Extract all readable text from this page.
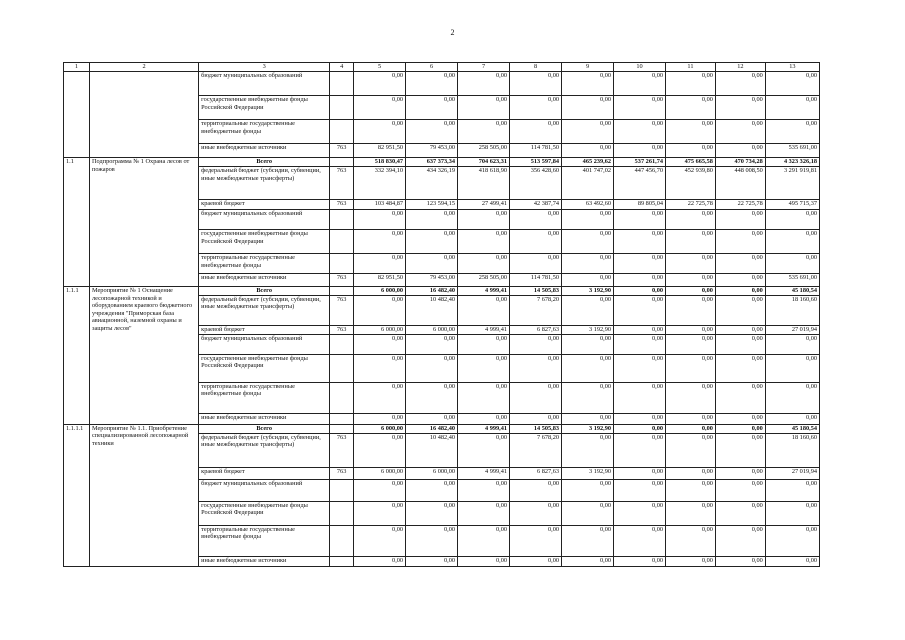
2
1	2	3	4	5	6	7	8	9	10	11	12	13
		бюджет муниципальных образований		0,00	0,00	0,00	0,00	0,00	0,00	0,00	0,00	0,00
		государственные внебюджетные фонды Российской Федерации		0,00	0,00	0,00	0,00	0,00	0,00	0,00	0,00	0,00
		территориальные государственные внебюджетные фонды		0,00	0,00	0,00	0,00	0,00	0,00	0,00	0,00	0,00
		иные внебюджетные источники	763	82 951,50	79 453,00	258 505,00	114 781,50	0,00	0,00	0,00	0,00	535 691,00
1.1	Подпрограмма № 1 Охрана лесов от пожаров	Всего		518 830,47	637 373,34	704 623,31	513 597,84	465 239,62	537 261,74	475 665,58	470 734,28	4 323 326,18
		федеральный бюджет (субсидии, субвенции, иные межбюджетные трансферты)	763	332 394,10	434 326,19	418 618,90	356 428,60	401 747,02	447 456,70	452 939,80	448 008,50	3 291 919,81
		краевой бюджет	763	103 484,87	123 594,15	27 499,41	42 387,74	63 492,60	89 805,04	22 725,78	22 725,78	495 715,37
		бюджет муниципальных образований		0,00	0,00	0,00	0,00	0,00	0,00	0,00	0,00	0,00
		государственные внебюджетные фонды Российской Федерации		0,00	0,00	0,00	0,00	0,00	0,00	0,00	0,00	0,00
		территориальные государственные внебюджетные фонды		0,00	0,00	0,00	0,00	0,00	0,00	0,00	0,00	0,00
		иные внебюджетные источники	763	82 951,50	79 453,00	258 505,00	114 781,50	0,00	0,00	0,00	0,00	535 691,00
1.1.1	Мероприятие № 1 Оснащение лесопожарной техникой и оборудованием краевого бюджетного учреждения "Приморская база авиационной, наземной охраны и защиты лесов"	Всего		6 000,00	16 482,40	4 999,41	14 505,83	3 192,90	0,00	0,00	0,00	45 180,54
		федеральный бюджет (субсидии, субвенции, иные межбюджетные трансферты)	763	0,00	10 482,40	0,00	7 678,20	0,00	0,00	0,00	0,00	18 160,60
		краевой бюджет	763	6 000,00	6 000,00	4 999,41	6 827,63	3 192,90	0,00	0,00	0,00	27 019,94
		бюджет муниципальных образований		0,00	0,00	0,00	0,00	0,00	0,00	0,00	0,00	0,00
		государственные внебюджетные фонды Российской Федерации		0,00	0,00	0,00	0,00	0,00	0,00	0,00	0,00	0,00
		территориальные государственные внебюджетные фонды		0,00	0,00	0,00	0,00	0,00	0,00	0,00	0,00	0,00
		иные внебюджетные источники		0,00	0,00	0,00	0,00	0,00	0,00	0,00	0,00	0,00
1.1.1.1	Мероприятие № 1.1. Приобретение специализированной лесопожарной техники	Всего		6 000,00	16 482,40	4 999,41	14 505,83	3 192,90	0,00	0,00	0,00	45 180,54
		федеральный бюджет (субсидии, субвенции, иные межбюджетные трансферты)	763	0,00	10 482,40	0,00	7 678,20	0,00	0,00	0,00	0,00	18 160,60
		краевой бюджет	763	6 000,00	6 000,00	4 999,41	6 827,63	3 192,90	0,00	0,00	0,00	27 019,94
		бюджет муниципальных образований		0,00	0,00	0,00	0,00	0,00	0,00	0,00	0,00	0,00
		государственные внебюджетные фонды Российской Федерации		0,00	0,00	0,00	0,00	0,00	0,00	0,00	0,00	0,00
		территориальные государственные внебюджетные фонды		0,00	0,00	0,00	0,00	0,00	0,00	0,00	0,00	0,00
		иные внебюджетные источники		0,00	0,00	0,00	0,00	0,00	0,00	0,00	0,00	0,00
